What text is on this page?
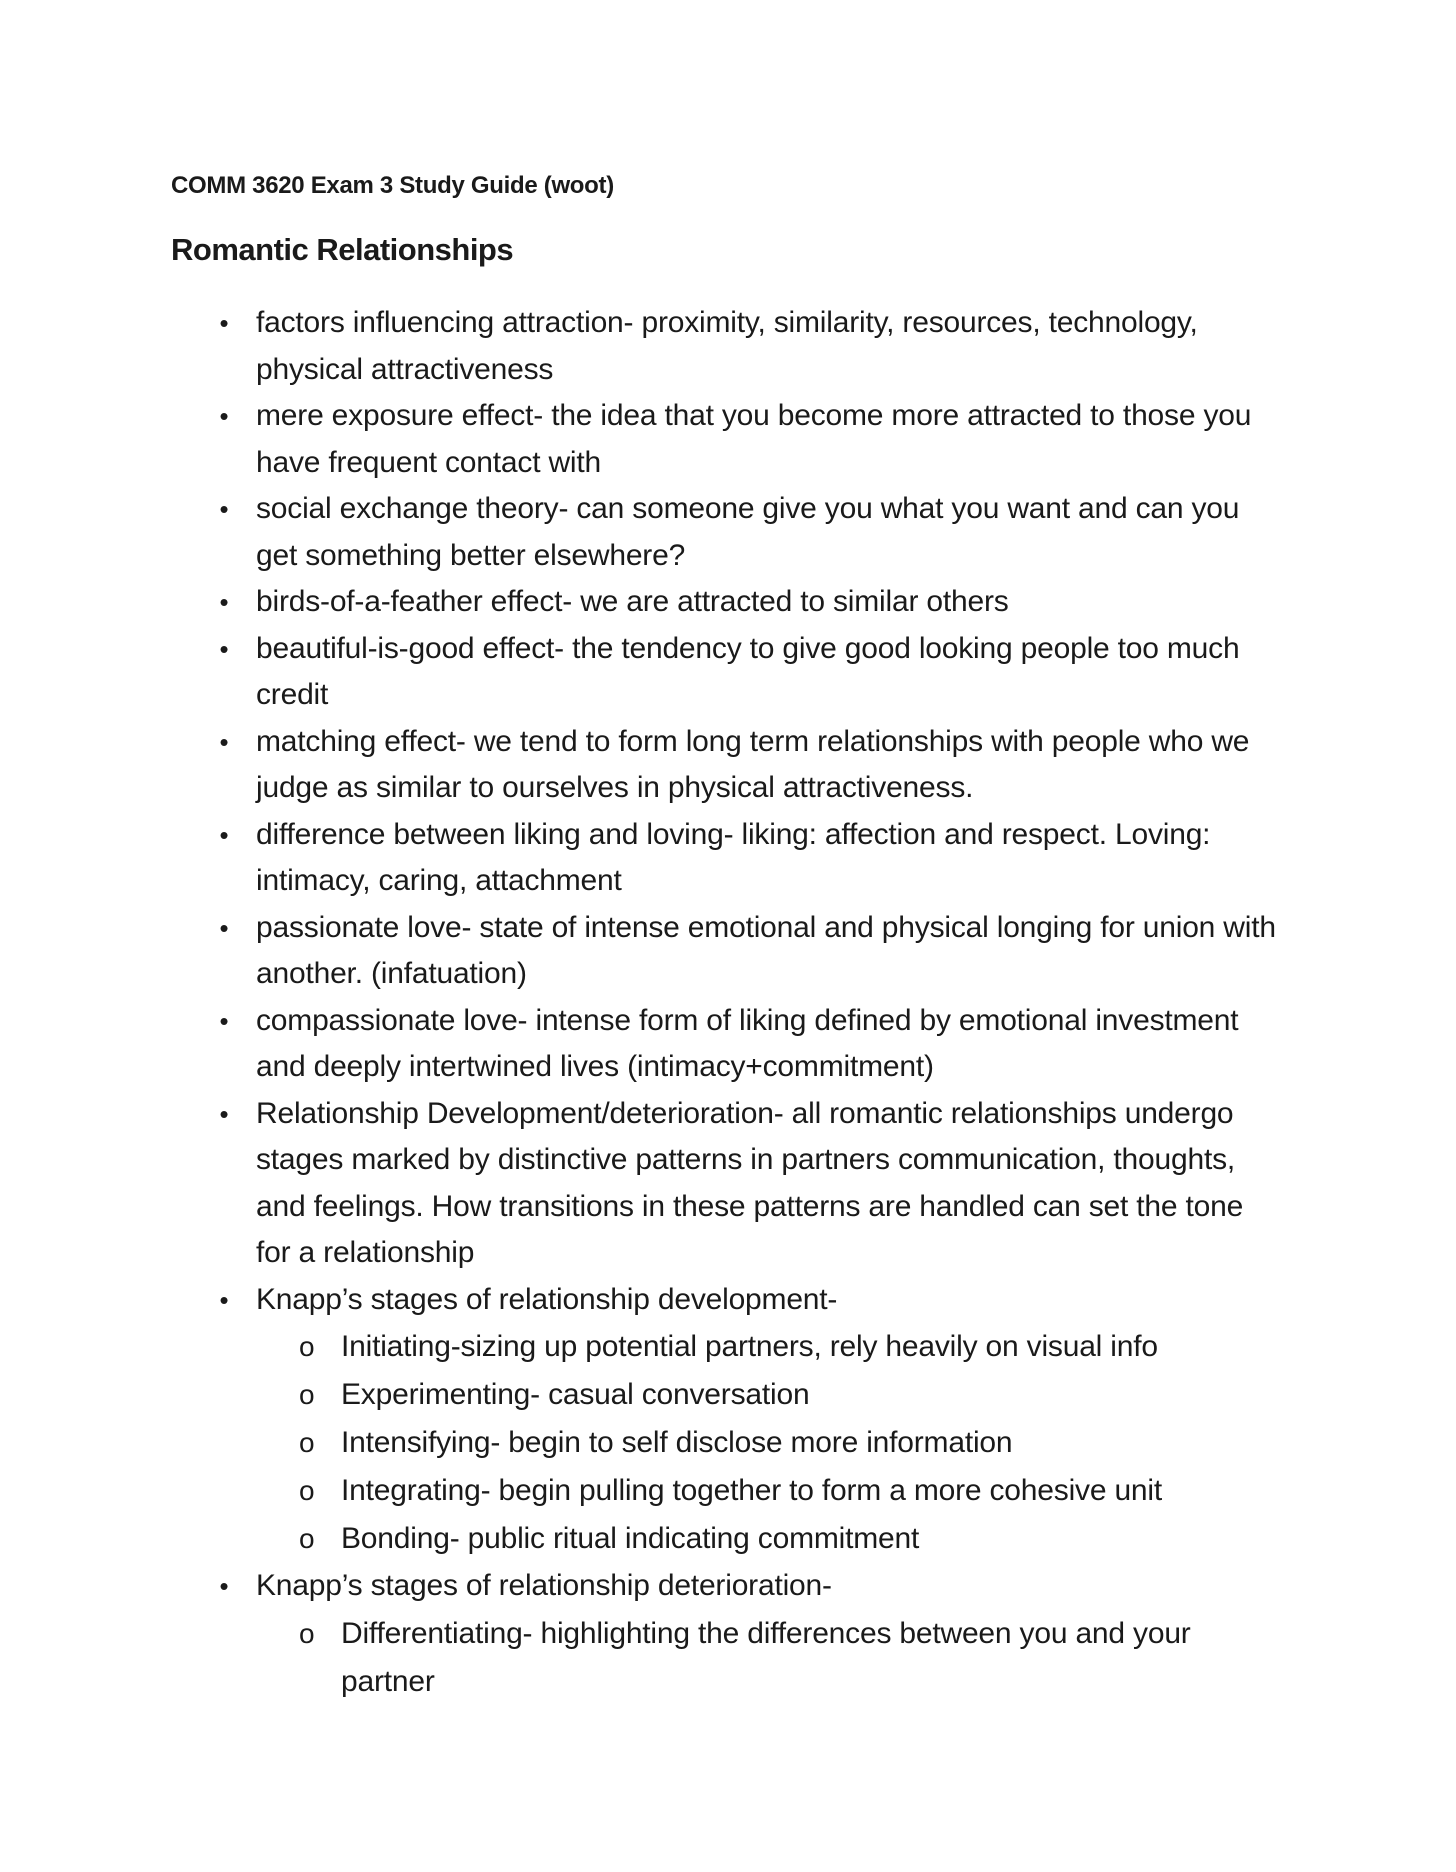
COMM 3620 Exam 3 Study Guide (woot)

Romantic Relationships
• factors influencing attraction- proximity, similarity, resources, technology, physical attractiveness
• mere exposure effect- the idea that you become more attracted to those you have frequent contact with
• social exchange theory- can someone give you what you want and can you get something better elsewhere?
• birds-of-a-feather effect- we are attracted to similar others
• beautiful-is-good effect- the tendency to give good looking people too much credit
• matching effect- we tend to form long term relationships with people who we judge as similar to ourselves in physical attractiveness.
• difference between liking and loving- liking: affection and respect. Loving: intimacy, caring, attachment
• passionate love- state of intense emotional and physical longing for union with another. (infatuation)
• compassionate love- intense form of liking defined by emotional investment and deeply intertwined lives (intimacy+commitment)
• Relationship Development/deterioration- all romantic relationships undergo stages marked by distinctive patterns in partners communication, thoughts, and feelings. How transitions in these patterns are handled can set the tone for a relationship
• Knapp’s stages of relationship development-
o Initiating-sizing up potential partners, rely heavily on visual info
o Experimenting- casual conversation
o Intensifying- begin to self disclose more information
o Integrating- begin pulling together to form a more cohesive unit
o Bonding- public ritual indicating commitment
• Knapp’s stages of relationship deterioration-
o Differentiating- highlighting the differences between you and your partner
